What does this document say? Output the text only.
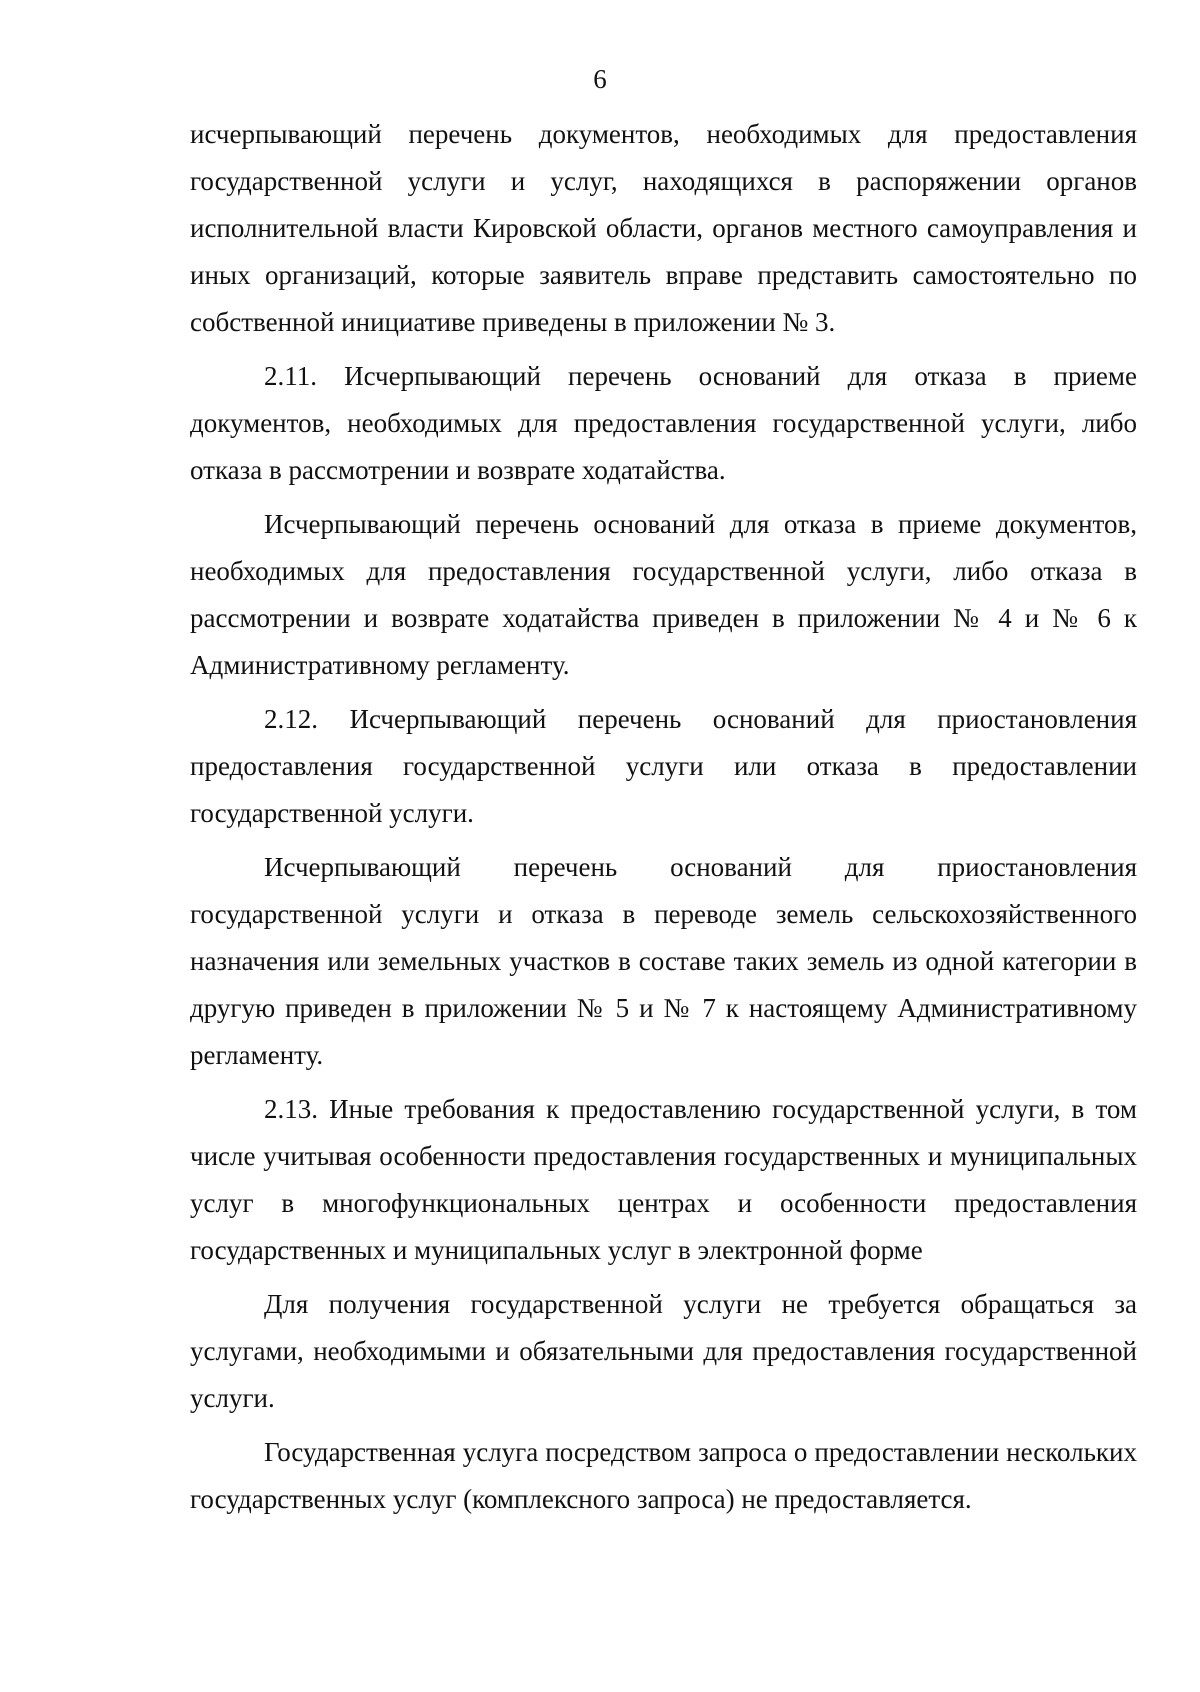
6

исчерпывающий перечень документов, необходимых для предоставления государственной услуги и услуг, находящихся в распоряжении органов исполнительной власти Кировской области, органов местного самоуправления и иных организаций, которые заявитель вправе представить самостоятельно по собственной инициативе приведены в приложении № 3.

2.11. Исчерпывающий перечень оснований для отказа в приеме документов, необходимых для предоставления государственной услуги, либо отказа в рассмотрении и возврате ходатайства.

Исчерпывающий перечень оснований для отказа в приеме документов, необходимых для предоставления государственной услуги, либо отказа в рассмотрении и возврате ходатайства приведен в приложении № 4 и № 6 к Административному регламенту.

2.12. Исчерпывающий перечень оснований для приостановления предоставления государственной услуги или отказа в предоставлении государственной услуги.

Исчерпывающий перечень оснований для приостановления государственной услуги и отказа в переводе земель сельскохозяйственного назначения или земельных участков в составе таких земель из одной категории в другую приведен в приложении № 5 и № 7 к настоящему Административному регламенту.

2.13. Иные требования к предоставлению государственной услуги, в том числе учитывая особенности предоставления государственных и муниципальных услуг в многофункциональных центрах и особенности предоставления государственных и муниципальных услуг в электронной форме

Для получения государственной услуги не требуется обращаться за услугами, необходимыми и обязательными для предоставления государственной услуги.

Государственная услуга посредством запроса о предоставлении нескольких государственных услуг (комплексного запроса) не предоставляется.
